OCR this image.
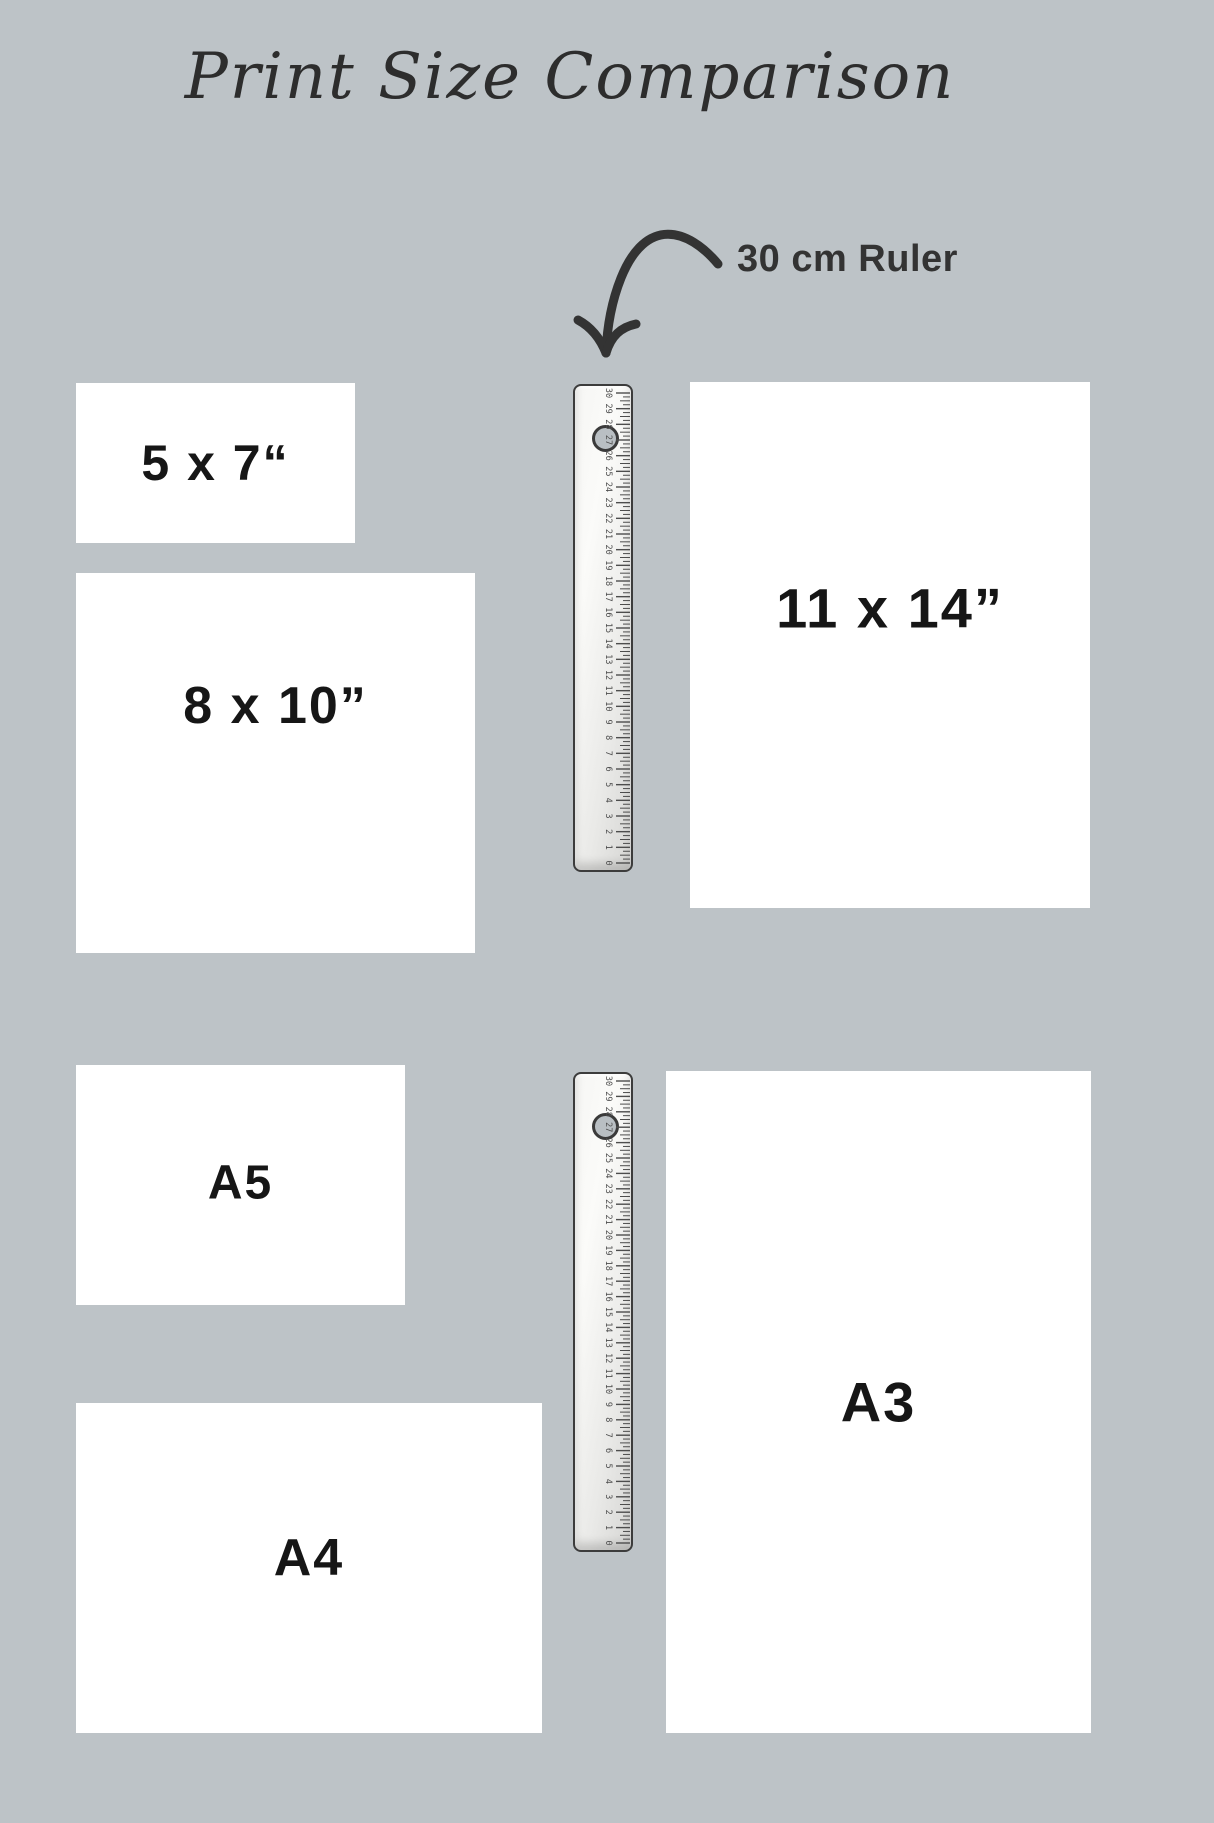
Print Size Comparison
30 cm Ruler
5 x 7“
8 x 10”
11 x 14”
A5
A4
A3
0
1
2
3
4
5
6
7
8
9
10
11
12
13
14
15
16
17
18
19
20
21
22
23
24
25
26
27
28
29
30
0
1
2
3
4
5
6
7
8
9
10
11
12
13
14
15
16
17
18
19
20
21
22
23
24
25
26
27
28
29
30
